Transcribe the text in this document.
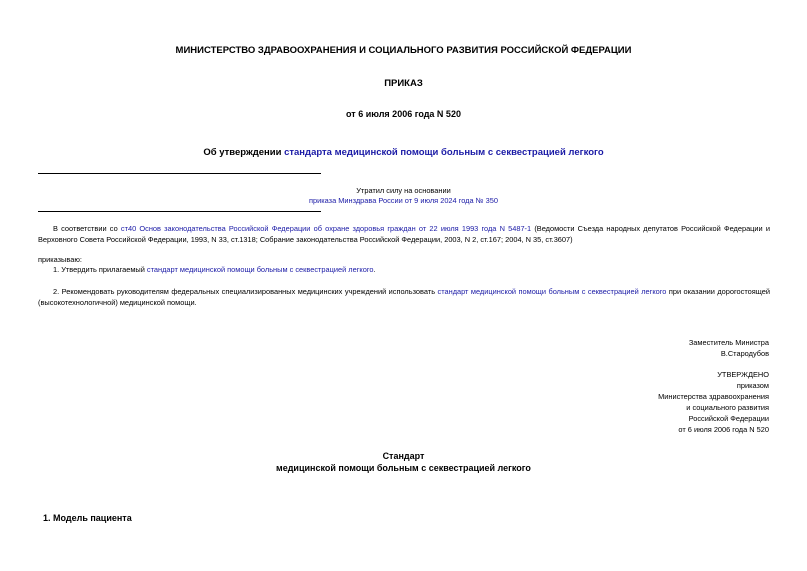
МИНИСТЕРСТВО ЗДРАВООХРАНЕНИЯ И СОЦИАЛЬНОГО РАЗВИТИЯ РОССИЙСКОЙ ФЕДЕРАЦИИ
ПРИКАЗ
от 6 июля 2006 года N 520
Об утверждении стандарта медицинской помощи больным с секвестрацией легкого
Утратил силу на основании
приказа Минздрава России от 9 июля 2024 года № 350
В соответствии со ст40 Основ законодательства Российской Федерации об охране здоровья граждан от 22 июля 1993 года N 5487-1 (Ведомости Съезда народных депутатов Российской Федерации и Верховного Совета Российской Федерации, 1993, N 33, ст.1318; Собрание законодательства Российской Федерации, 2003, N 2, ст.167; 2004, N 35, ст.3607)
приказываю:
1. Утвердить прилагаемый стандарт медицинской помощи больным с секвестрацией легкого.
2. Рекомендовать руководителям федеральных специализированных медицинских учреждений использовать стандарт медицинской помощи больным с секвестрацией легкого при оказании дорогостоящей (высокотехнологичной) медицинской помощи.
Заместитель Министра
В.Стародубов
УТВЕРЖДЕНО
приказом
Министерства здравоохранения
и социального развития
Российской Федерации
от 6 июля 2006 года N 520
Стандарт
медицинской помощи больным с секвестрацией легкого
1. Модель пациента
